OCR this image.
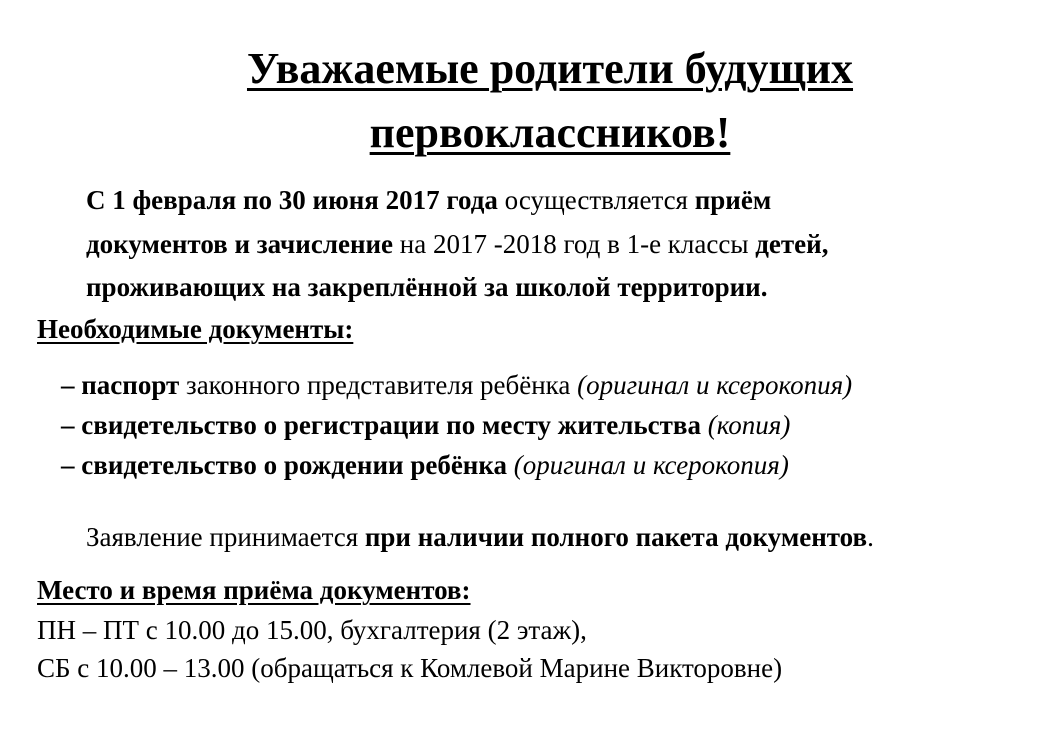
Уважаемые родители будущих
первоклассников!
С 1 февраля по 30 июня 2017 года осуществляется приём
документов и зачисление на 2017 -2018 год в 1-е классы детей,
проживающих на закреплённой за школой территории.
Необходимые документы:
– паспорт законного представителя ребёнка (оригинал и ксерокопия)
– свидетельство о регистрации по месту жительства (копия)
– свидетельство о рождении ребёнка (оригинал и ксерокопия)
Заявление принимается при наличии полного пакета документов.
Место и время приёма документов:
ПН – ПТ с 10.00 до 15.00, бухгалтерия (2 этаж),
СБ с 10.00 – 13.00 (обращаться к Комлевой Марине Викторовне)
